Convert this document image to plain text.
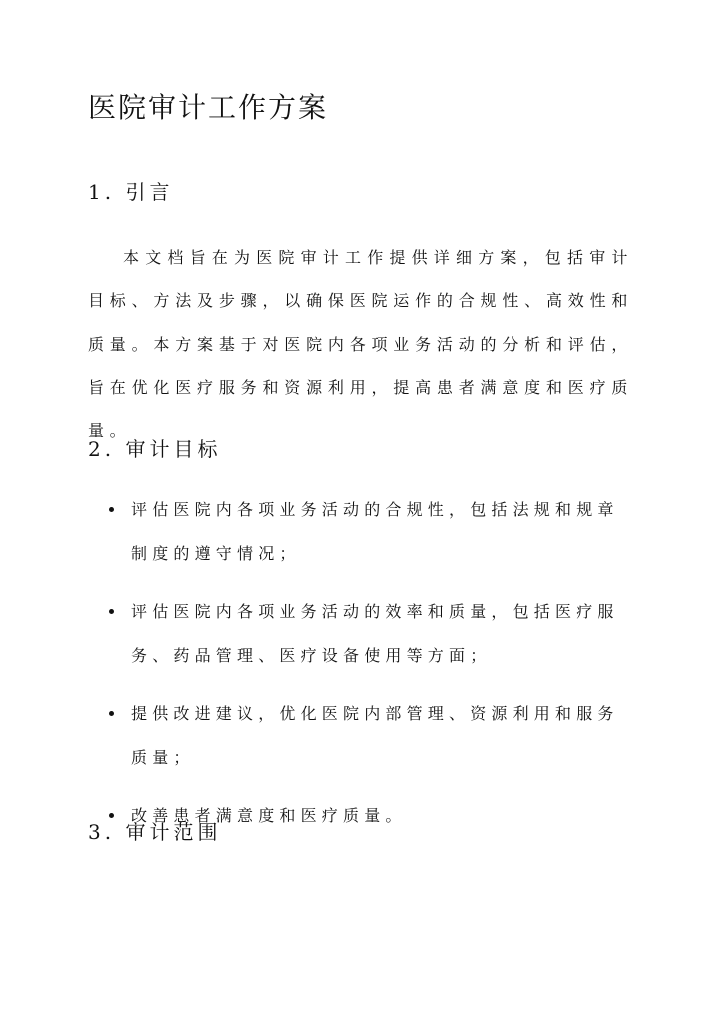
医院审计工作方案
1. 引言
本文档旨在为医院审计工作提供详细方案，包括审计目标、方法及步骤，以确保医院运作的合规性、高效性和质量。本方案基于对医院内各项业务活动的分析和评估，旨在优化医疗服务和资源利用，提高患者满意度和医疗质量。
2. 审计目标
评估医院内各项业务活动的合规性，包括法规和规章制度的遵守情况；
评估医院内各项业务活动的效率和质量，包括医疗服务、药品管理、医疗设备使用等方面；
提供改进建议，优化医院内部管理、资源利用和服务质量；
改善患者满意度和医疗质量。
3. 审计范围
